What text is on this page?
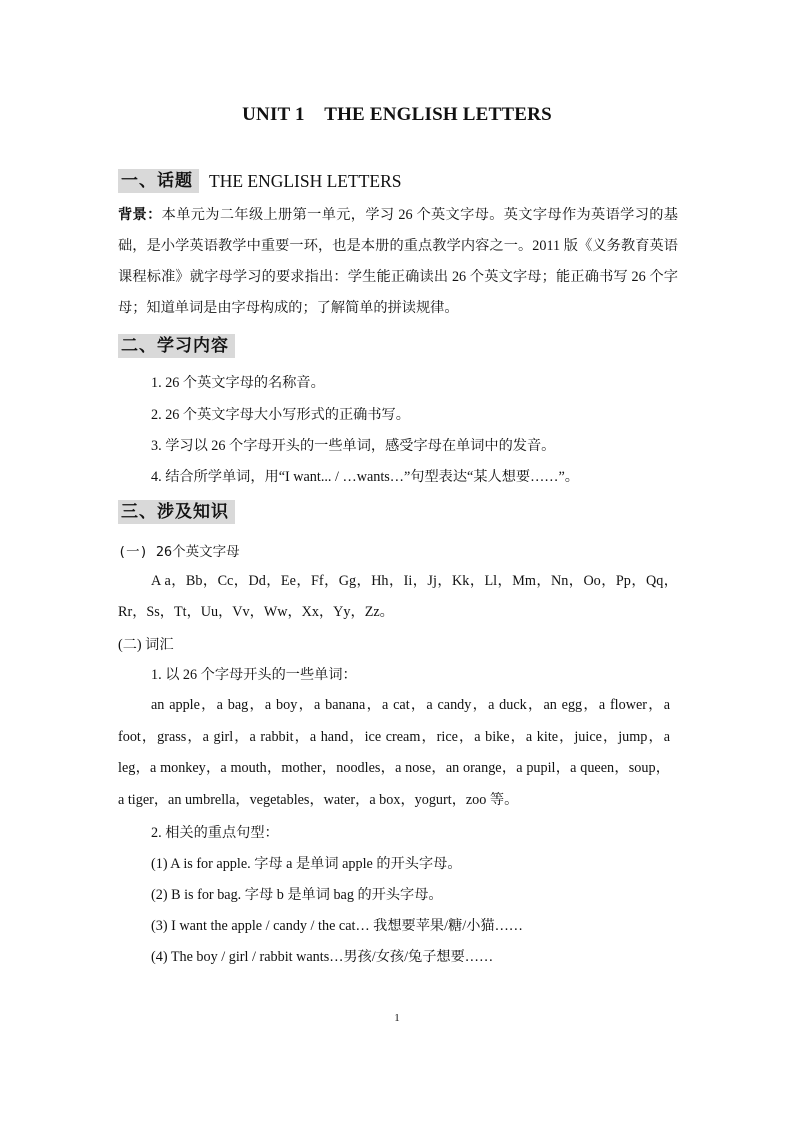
UNIT 1    THE ENGLISH LETTERS
一、话题 THE ENGLISH LETTERS
背景：本单元为二年级上册第一单元，学习 26 个英文字母。英文字母作为英语学习的基础，是小学英语教学中重要一环，也是本册的重点教学内容之一。2011 版《义务教育英语课程标准》就字母学习的要求指出：学生能正确读出 26 个英文字母；能正确书写 26 个字母；知道单词是由字母构成的；了解简单的拼读规律。
二、学习内容
1. 26 个英文字母的名称音。
2. 26 个英文字母大小写形式的正确书写。
3. 学习以 26 个字母开头的一些单词，感受字母在单词中的发音。
4. 结合所学单词，用“I want... / …wants…”句型表达“某人想要……”。
三、涉及知识
(一) 26个英文字母
A a，Bb，Cc，Dd，Ee，Ff，Gg，Hh，Ii，Jj，Kk，Ll，Mm，Nn，Oo，Pp，Qq，Rr，Ss，Tt，Uu，Vv，Ww，Xx，Yy，Zz。
(二) 词汇
1. 以 26 个字母开头的一些单词：
an apple，a bag，a boy，a banana，a cat，a candy，a duck，an egg，a flower，a foot，grass，a girl，a rabbit，a hand，ice cream，rice，a bike，a kite，juice，jump，a leg，a monkey，a mouth，mother，noodles，a nose，an orange，a pupil，a queen，soup，a tiger，an umbrella，vegetables，water，a box，yogurt，zoo 等。
2. 相关的重点句型：
(1) A is for apple. 字母 a 是单词 apple 的开头字母。
(2) B is for bag. 字母 b 是单词 bag 的开头字母。
(3) I want the apple / candy / the cat… 我想要苹果/糖/小猫……
(4) The boy / girl / rabbit wants…男孩/女孩/兔子想要……
1
